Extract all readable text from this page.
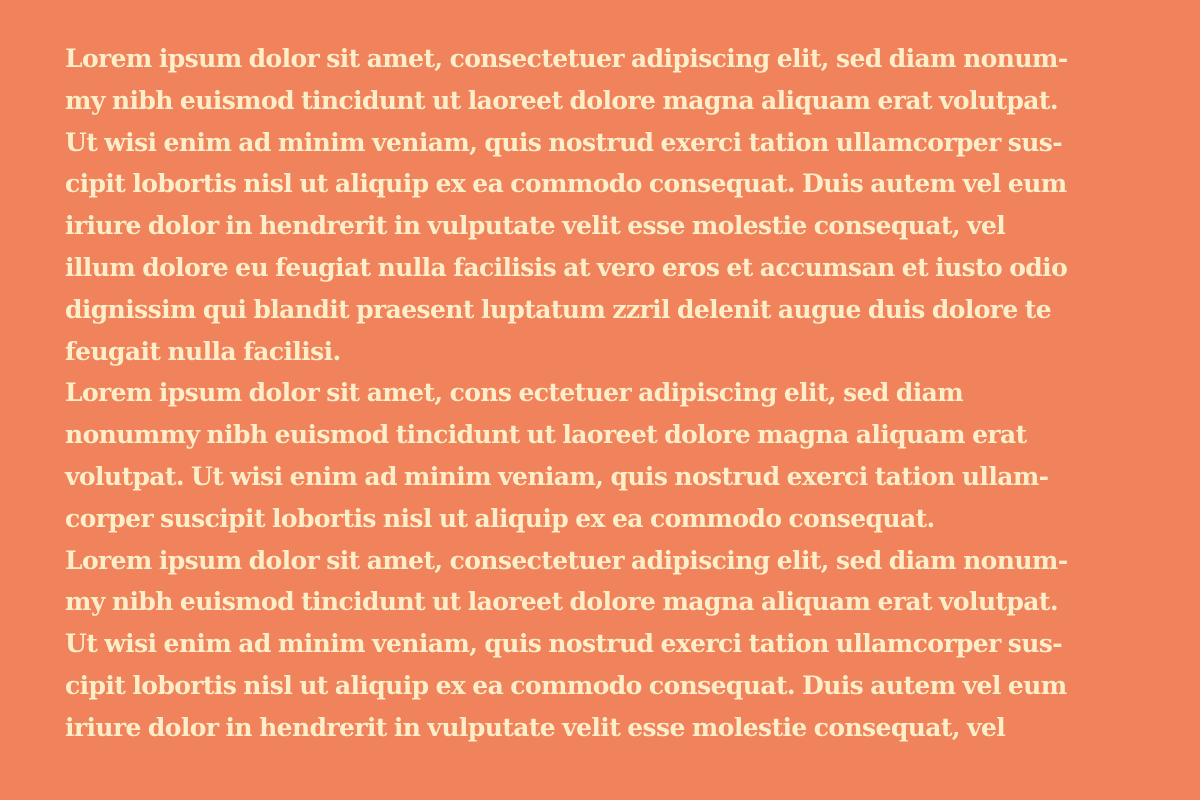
Lorem ipsum dolor sit amet, consectetuer adipiscing elit, sed diam nonum-
my nibh euismod tincidunt ut laoreet dolore magna aliquam erat volutpat.
Ut wisi enim ad minim veniam, quis nostrud exerci tation ullamcorper sus-
cipit lobortis nisl ut aliquip ex ea commodo consequat. Duis autem vel eum
iriure dolor in hendrerit in vulputate velit esse molestie consequat, vel
illum dolore eu feugiat nulla facilisis at vero eros et accumsan et iusto odio
dignissim qui blandit praesent luptatum zzril delenit augue duis dolore te
feugait nulla facilisi.

Lorem ipsum dolor sit amet, cons ectetuer adipiscing elit, sed diam
nonummy nibh euismod tincidunt ut laoreet dolore magna aliquam erat
volutpat. Ut wisi enim ad minim veniam, quis nostrud exerci tation ullam-
corper suscipit lobortis nisl ut aliquip ex ea commodo consequat.

Lorem ipsum dolor sit amet, consectetuer adipiscing elit, sed diam nonum-
my nibh euismod tincidunt ut laoreet dolore magna aliquam erat volutpat.
Ut wisi enim ad minim veniam, quis nostrud exerci tation ullamcorper sus-
cipit lobortis nisl ut aliquip ex ea commodo consequat. Duis autem vel eum
iriure dolor in hendrerit in vulputate velit esse molestie consequat, vel
